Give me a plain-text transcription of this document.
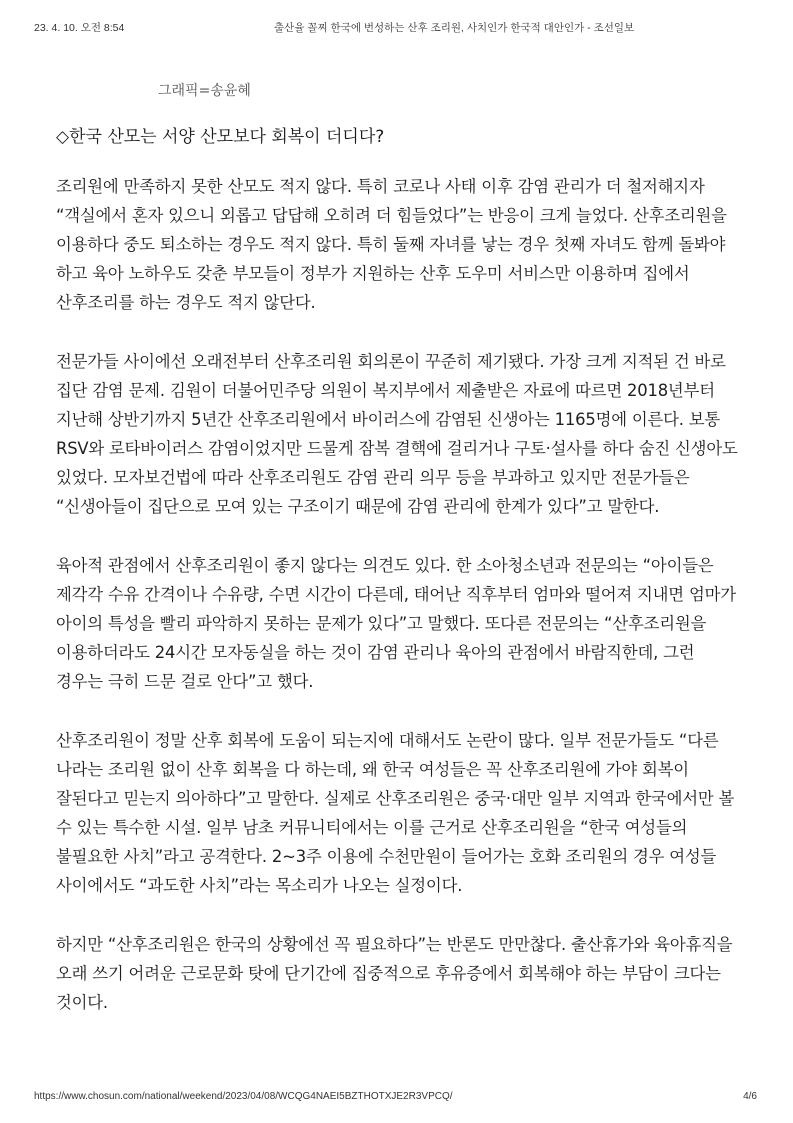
23. 4. 10. 오전 8:54	출산율 꼴찌 한국에 번성하는 산후 조리원, 사치인가 한국적 대안인가 - 조선일보
그래픽=송윤혜
◇한국 산모는 서양 산모보다 회복이 더디다?

조리원에 만족하지 못한 산모도 적지 않다. 특히 코로나 사태 이후 감염 관리가 더 철저해지자 “객실에서 혼자 있으니 외롭고 답답해 오히려 더 힘들었다”는 반응이 크게 늘었다. 산후조리원을 이용하다 중도 퇴소하는 경우도 적지 않다. 특히 둘째 자녀를 낳는 경우 첫째 자녀도 함께 돌봐야 하고 육아 노하우도 갖춘 부모들이 정부가 지원하는 산후 도우미 서비스만 이용하며 집에서 산후조리를 하는 경우도 적지 않단다.

전문가들 사이에선 오래전부터 산후조리원 회의론이 꾸준히 제기됐다. 가장 크게 지적된 건 바로 집단 감염 문제. 김원이 더불어민주당 의원이 복지부에서 제출받은 자료에 따르면 2018년부터 지난해 상반기까지 5년간 산후조리원에서 바이러스에 감염된 신생아는 1165명에 이른다. 보통 RSV와 로타바이러스 감염이었지만 드물게 잠복 결핵에 걸리거나 구토·설사를 하다 숨진 신생아도 있었다. 모자보건법에 따라 산후조리원도 감염 관리 의무 등을 부과하고 있지만 전문가들은 “신생아들이 집단으로 모여 있는 구조이기 때문에 감염 관리에 한계가 있다”고 말한다.

육아적 관점에서 산후조리원이 좋지 않다는 의견도 있다. 한 소아청소년과 전문의는 “아이들은 제각각 수유 간격이나 수유량, 수면 시간이 다른데, 태어난 직후부터 엄마와 떨어져 지내면 엄마가 아이의 특성을 빨리 파악하지 못하는 문제가 있다”고 말했다. 또다른 전문의는 “산후조리원을 이용하더라도 24시간 모자동실을 하는 것이 감염 관리나 육아의 관점에서 바람직한데, 그런 경우는 극히 드문 걸로 안다”고 했다.

산후조리원이 정말 산후 회복에 도움이 되는지에 대해서도 논란이 많다. 일부 전문가들도 “다른 나라는 조리원 없이 산후 회복을 다 하는데, 왜 한국 여성들은 꼭 산후조리원에 가야 회복이 잘된다고 믿는지 의아하다”고 말한다. 실제로 산후조리원은 중국·대만 일부 지역과 한국에서만 볼 수 있는 특수한 시설. 일부 남초 커뮤니티에서는 이를 근거로 산후조리원을 “한국 여성들의 불필요한 사치”라고 공격한다. 2~3주 이용에 수천만원이 들어가는 호화 조리원의 경우 여성들 사이에서도 “과도한 사치”라는 목소리가 나오는 실정이다.

하지만 “산후조리원은 한국의 상황에선 꼭 필요하다”는 반론도 만만찮다. 출산휴가와 육아휴직을 오래 쓰기 어려운 근로문화 탓에 단기간에 집중적으로 후유증에서 회복해야 하는 부담이 크다는 것이다.

https://www.chosun.com/national/weekend/2023/04/08/WCQG4NAEI5BZTHOTXJE2R3VPCQ/	4/6
